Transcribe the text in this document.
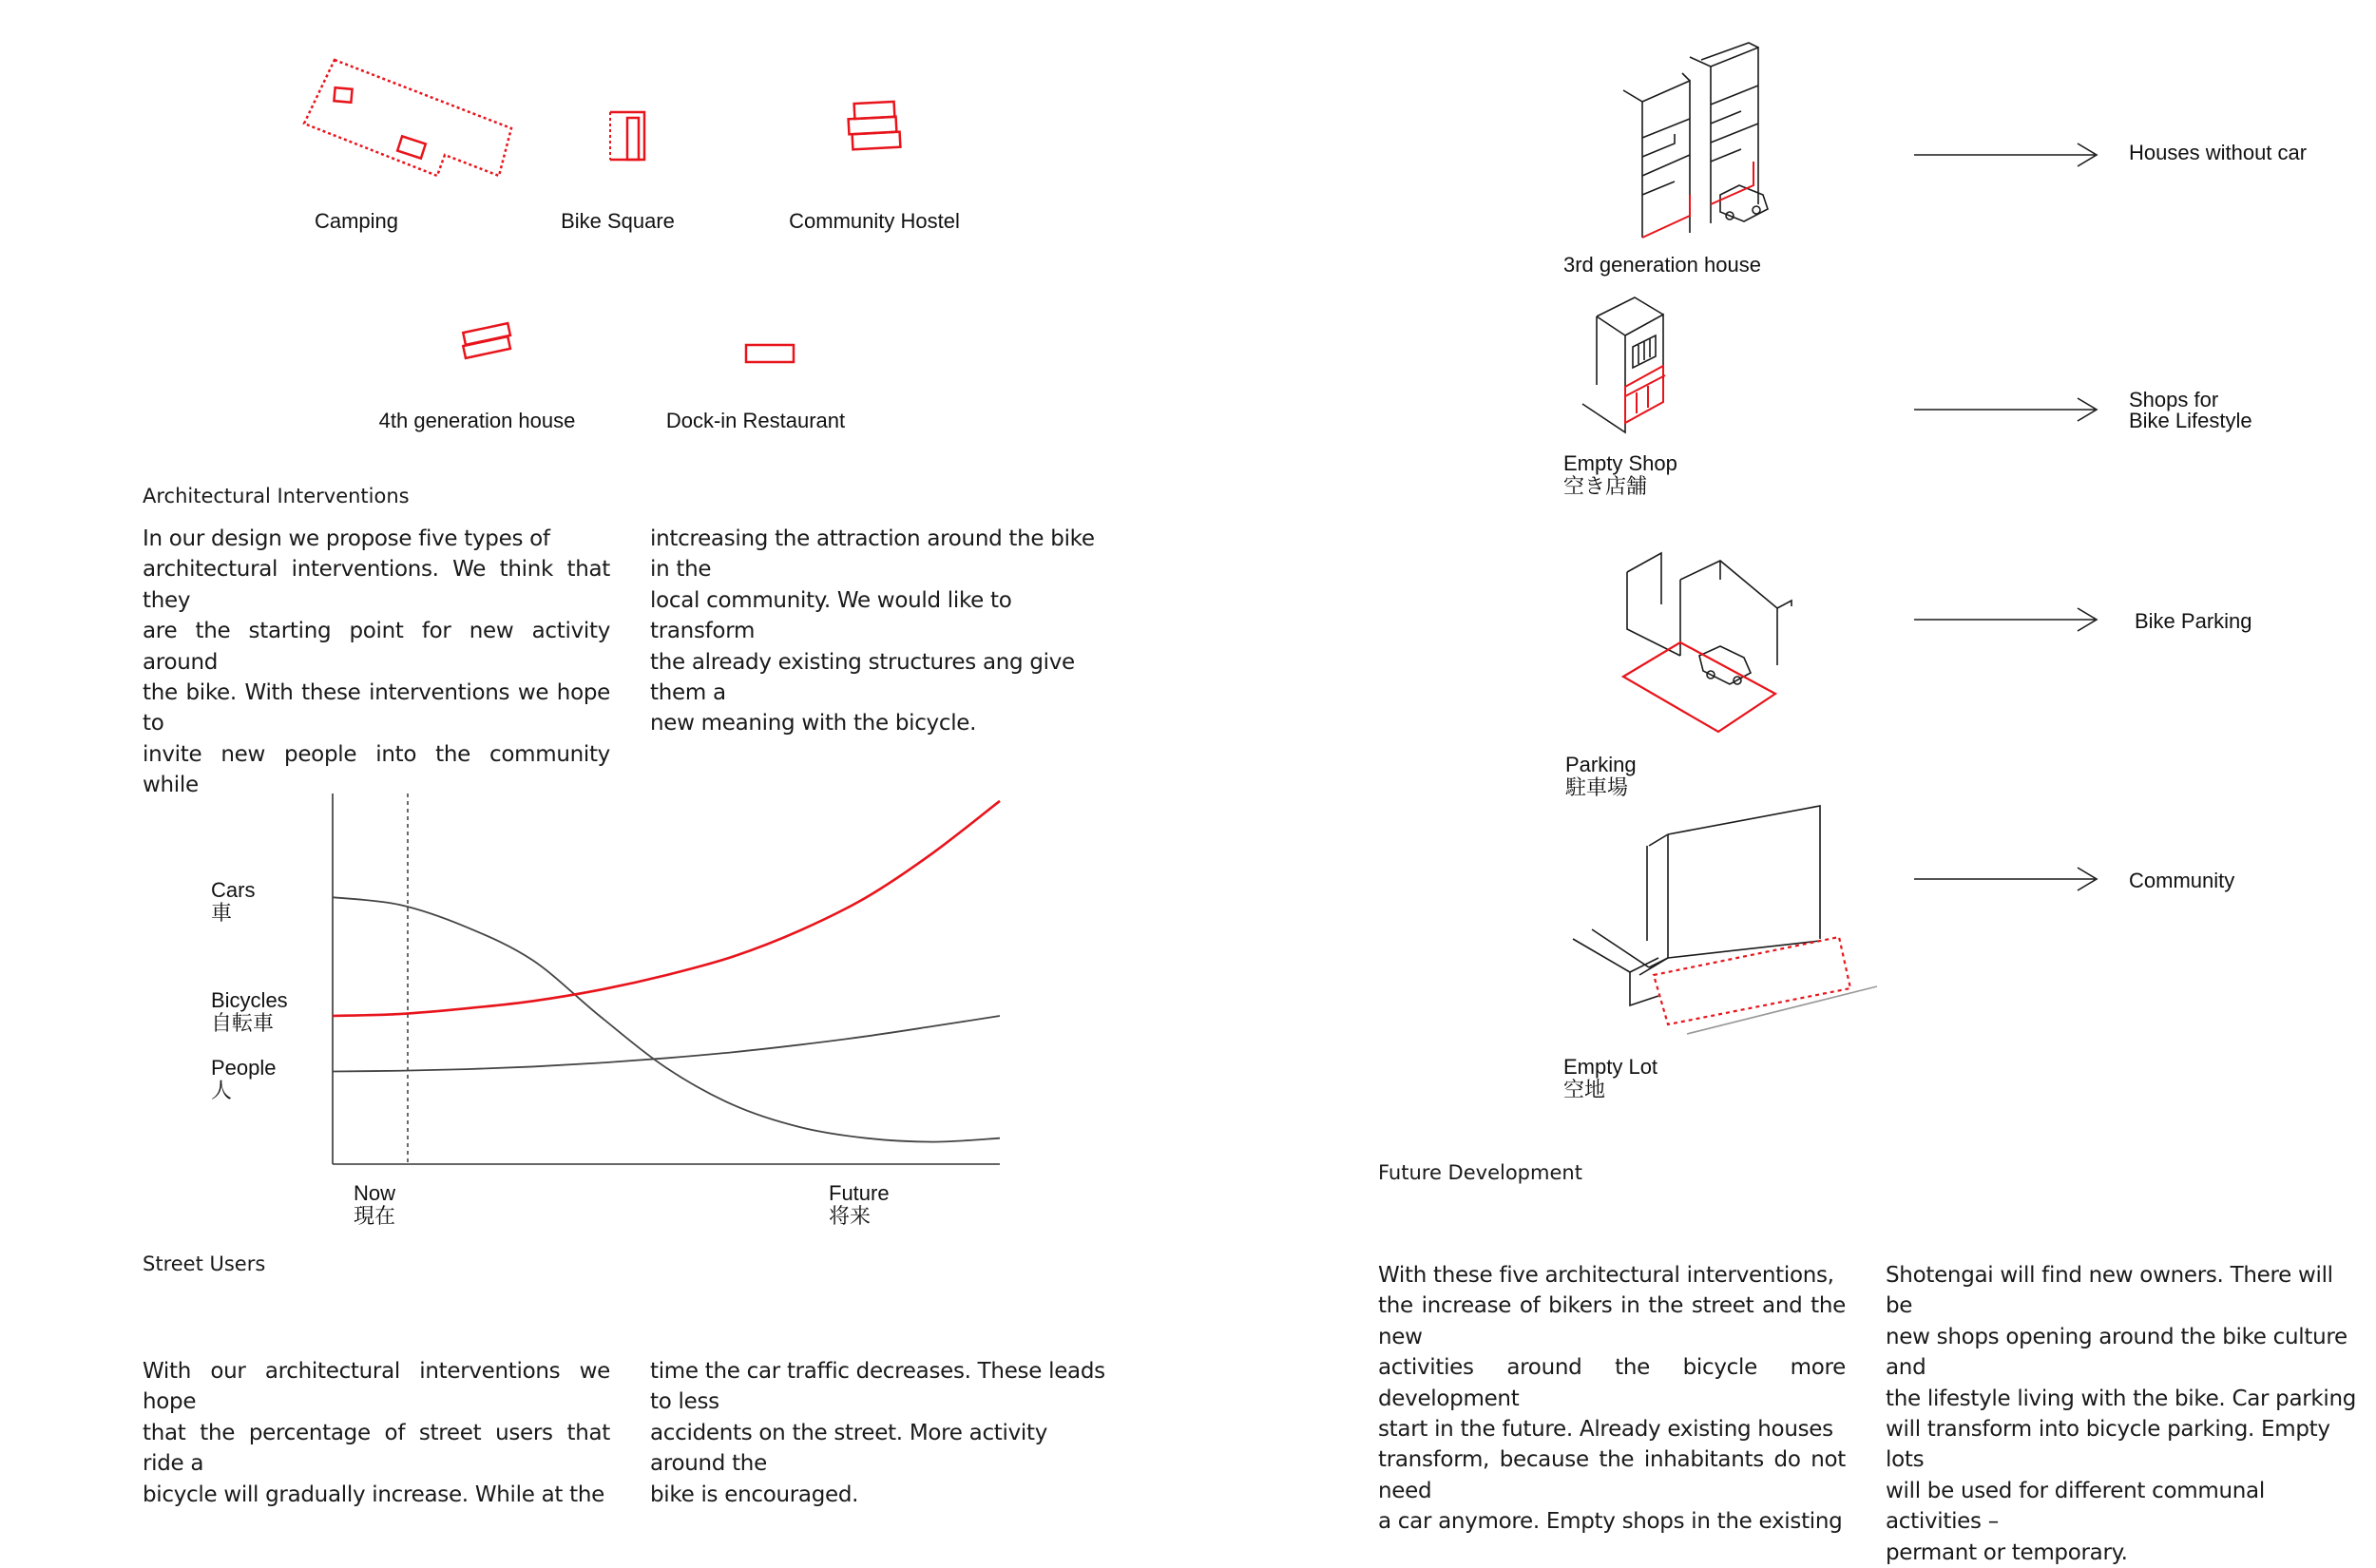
Camping	Bike Square	Community Hostel
4th generation house	Dock-in Restaurant
Architectural Interventions
In our design we propose five types of
architectural interventions. We think that they
are the starting point for new activity around
the bike. With these interventions we hope to
invite new people into the community while
intcreasing the attraction around the bike in the
local community. We would like to transform
the already existing structures ang give them a
new meaning with the bicycle.
Cars
車
Bicycles
自転車
People
人
Now
現在
Future
将来
Street Users
With our architectural interventions we hope
that the percentage of street users that ride a
bicycle will gradually increase. While at the
time the car traffic decreases. These leads to less
accidents on the street. More activity around the
bike is encouraged.
3rd generation house
Empty Shop
空き店舗
Parking
駐車場
Empty Lot
空地
Houses without car
Shops for
Bike Lifestyle
Bike Parking
Community
Future Development
With these five architectural interventions,
the increase of bikers in the street and the new
activities around the bicycle more development
start in the future. Already existing houses
transform, because the inhabitants do not need
a car anymore. Empty shops in the existing
Shotengai will find new owners. There will be
new shops opening around the bike culture and
the lifestyle living with the bike. Car parking
will transform into bicycle parking. Empty lots
will be used for different communal activities –
permant or temporary.
